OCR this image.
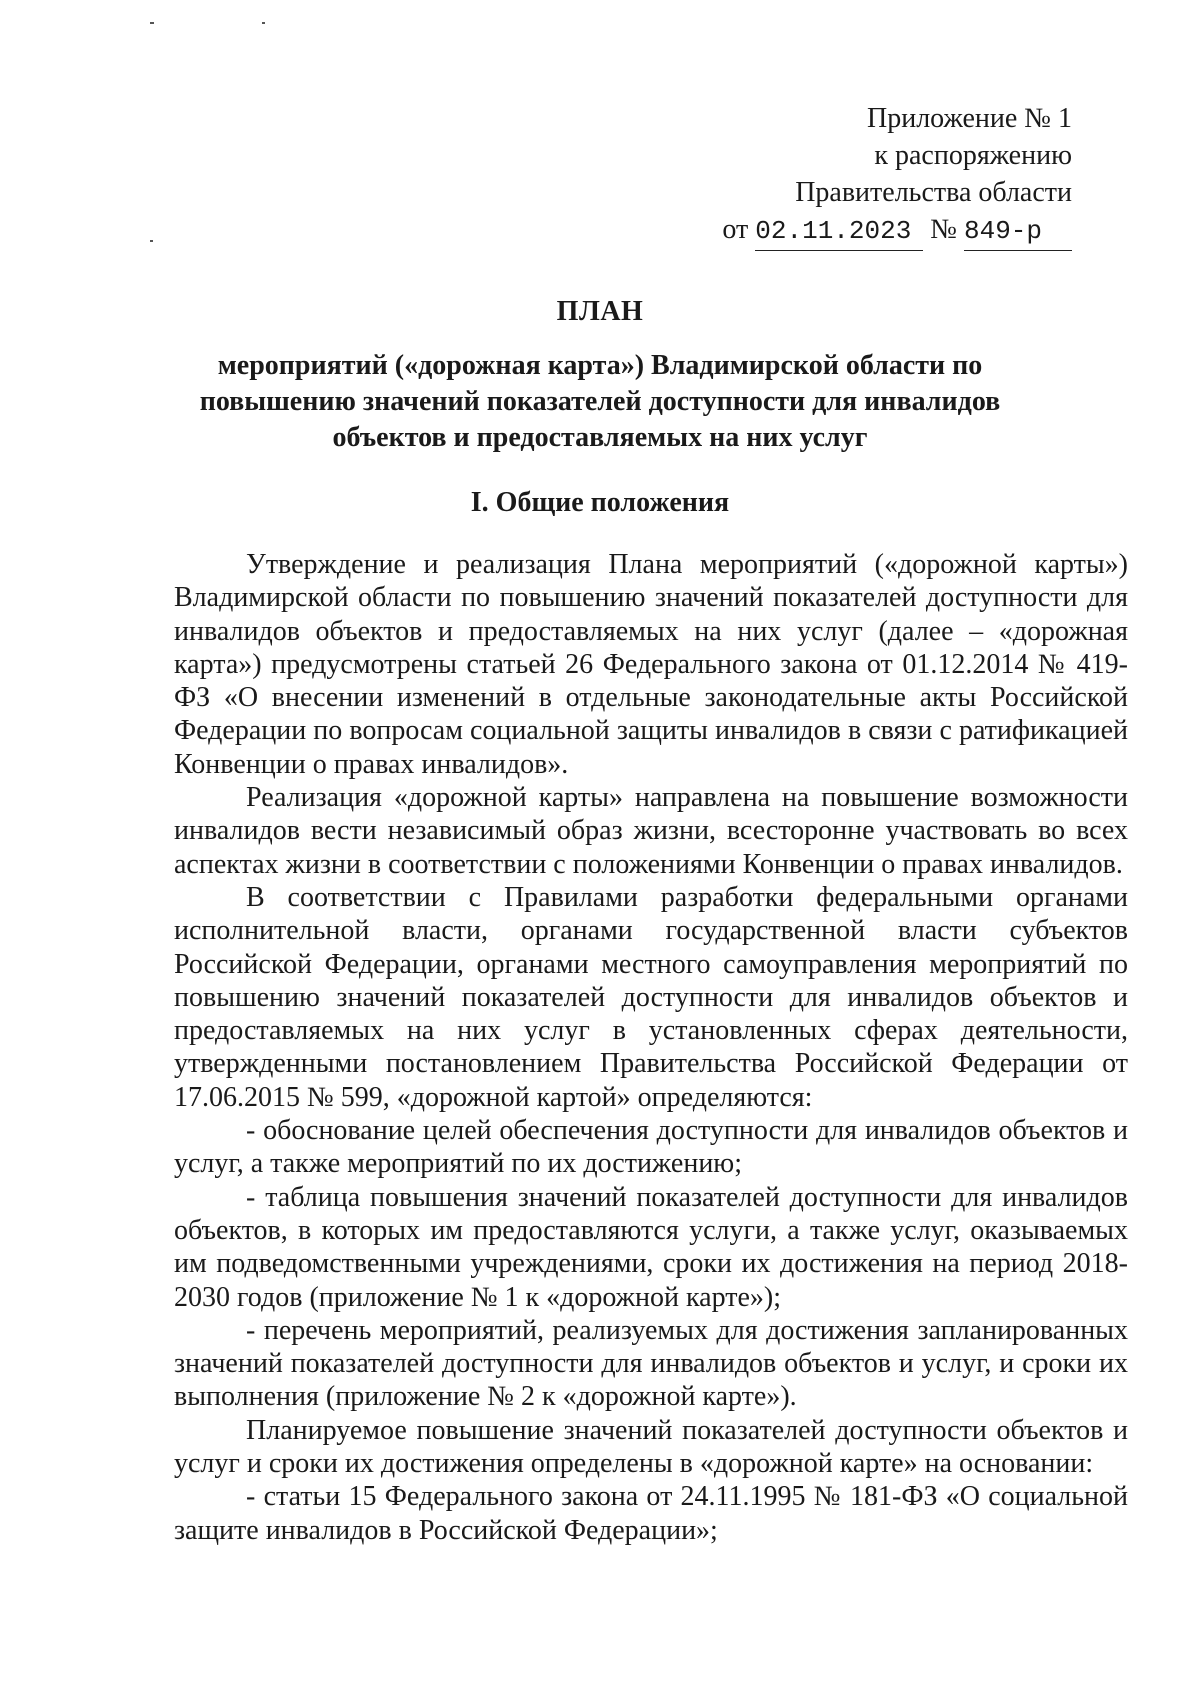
Приложение № 1
к распоряжению
Правительства области
от 02.11.2023 № 849-р
ПЛАН
мероприятий («дорожная карта») Владимирской области по повышению значений показателей доступности для инвалидов объектов и предоставляемых на них услуг
I. Общие положения

Утверждение и реализация Плана мероприятий («дорожной карты») Владимирской области по повышению значений показателей доступности для инвалидов объектов и предоставляемых на них услуг (далее – «дорожная карта») предусмотрены статьей 26 Федерального закона от 01.12.2014 № 419-ФЗ «О внесении изменений в отдельные законодательные акты Российской Федерации по вопросам социальной защиты инвалидов в связи с ратификацией Конвенции о правах инвалидов».

Реализация «дорожной карты» направлена на повышение возможности инвалидов вести независимый образ жизни, всесторонне участвовать во всех аспектах жизни в соответствии с положениями Конвенции о правах инвалидов.

В соответствии с Правилами разработки федеральными органами исполнительной власти, органами государственной власти субъектов Российской Федерации, органами местного самоуправления мероприятий по повышению значений показателей доступности для инвалидов объектов и предоставляемых на них услуг в установленных сферах деятельности, утвержденными постановлением Правительства Российской Федерации от 17.06.2015 № 599, «дорожной картой» определяются:

- обоснование целей обеспечения доступности для инвалидов объектов и услуг, а также мероприятий по их достижению;

- таблица повышения значений показателей доступности для инвалидов объектов, в которых им предоставляются услуги, а также услуг, оказываемых им подведомственными учреждениями, сроки их достижения на период 2018-2030 годов (приложение № 1 к «дорожной карте»);

- перечень мероприятий, реализуемых для достижения запланированных значений показателей доступности для инвалидов объектов и услуг, и сроки их выполнения (приложение № 2 к «дорожной карте»).

Планируемое повышение значений показателей доступности объектов и услуг и сроки их достижения определены в «дорожной карте» на основании:

- статьи 15 Федерального закона от 24.11.1995 № 181-ФЗ «О социальной защите инвалидов в Российской Федерации»;
